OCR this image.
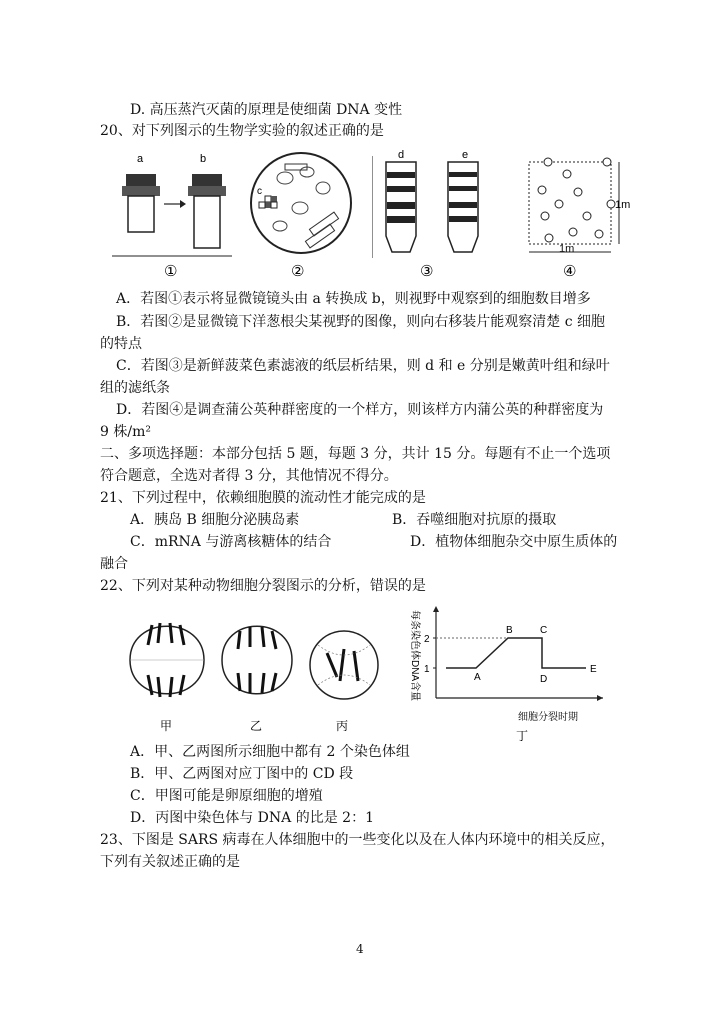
D. 高压蒸汽灭菌的原理是使细菌 DNA 变性
20、对下列图示的生物学实验的叙述正确的是
a	b
①
c
②
d	e
③
1m
1m
④
A．若图①表示将显微镜镜头由 a 转换成 b，则视野中观察到的细胞数目增多
B．若图②是显微镜下洋葱根尖某视野的图像，则向右移装片能观察清楚 c 细胞
的特点
C．若图③是新鲜菠菜色素滤液的纸层析结果，则 d 和 e 分别是嫩黄叶组和绿叶
组的滤纸条
D．若图④是调查蒲公英种群密度的一个样方，则该样方内蒲公英的种群密度为
9 株/m²
二、多项选择题：本部分包括 5 题，每题 3 分，共计 15 分。每题有不止一个选项
符合题意，全选对者得 3 分，其他情况不得分。
21、下列过程中，依赖细胞膜的流动性才能完成的是
A．胰岛 B 细胞分泌胰岛素	B．吞噬细胞对抗原的摄取
C．mRNA 与游离核糖体的结合	D．植物体细胞杂交中原生质体的
融合
22、下列对某种动物细胞分裂图示的分析，错误的是
甲	乙	丙
每条染色体DNA含量 1
2
A
B	C
D
E
细胞分裂时期
丁
A．甲、乙两图所示细胞中都有 2 个染色体组
B．甲、乙两图对应丁图中的 CD 段
C．甲图可能是卵原细胞的增殖
D．丙图中染色体与 DNA 的比是 2：1
23、下图是 SARS 病毒在人体细胞中的一些变化以及在人体内环境中的相关反应，
下列有关叙述正确的是
4
